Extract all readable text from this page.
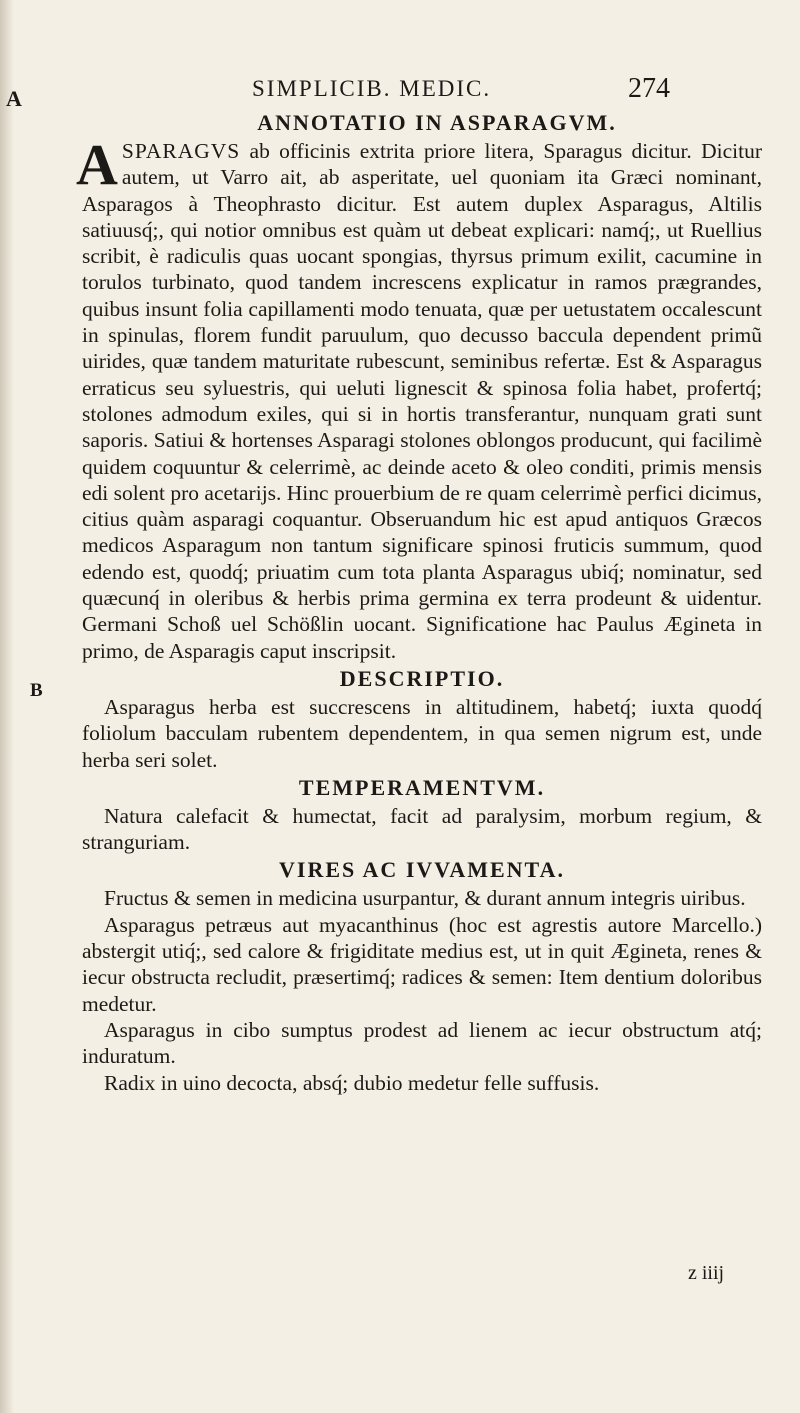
A
B
SIMPLICIB. MEDIC.	274

ANNOTATIO IN ASPARAGVM.

A SPARAGVS ab officinis extrita priore litera, Sparagus dicitur. Dicitur autem, ut Varro ait, ab asperitate, uel quoniam ita Græci nominant, Asparagos à Theophrasto dicitur. Est autem duplex Asparagus, Altilis satiuusq́;, qui notior omnibus est quàm ut debeat explicari: namq́;, ut Ruellius scribit, è radiculis quas uocant spongias, thyrsus primum exilit, cacumine in torulos turbinato, quod tandem increscens explicatur in ramos prægrandes, quibus insunt folia capillamenti modo tenuata, quæ per uetustatem occalescunt in spinulas, florem fundit paruulum, quo decusso baccula dependent primũ uirides, quæ tandem maturitate rubescunt, seminibus refertæ. Est & Asparagus erraticus seu syluestris, qui ueluti lignescit & spinosa folia habet, profertq́; stolones admodum exiles, qui si in hortis transferantur, nunquam grati sunt saporis. Satiui & hortenses Asparagi stolones oblongos producunt, qui facilimè quidem coquuntur & celerrimè, ac deinde aceto & oleo conditi, primis mensis edi solent pro acetarijs. Hinc prouerbium de re quam celerrimè perfici dicimus, citius quàm asparagi coquantur. Obseruandum hic est apud antiquos Græcos medicos Asparagum non tantum significare spinosi fruticis summum, quod edendo est, quodq́; priuatim cum tota planta Asparagus ubiq́; nominatur, sed quæcunq́ in oleribus & herbis prima germina ex terra prodeunt & uidentur. Germani Schoß uel Schößlin uocant. Significatione hac Paulus Ægineta in primo, de Asparagis caput inscripsit.

DESCRIPTIO.

Asparagus herba est succrescens in altitudinem, habetq́; iuxta quodq́ foliolum bacculam rubentem dependentem, in qua semen nigrum est, unde herba seri solet.

TEMPERAMENTVM.

Natura calefacit & humectat, facit ad paralysim, morbum regium, & stranguriam.

VIRES AC IVVAMENTA.

Fructus & semen in medicina usurpantur, & durant annum integris uiribus.

Asparagus petræus aut myacanthinus (hoc est agrestis autore Marcello.) abstergit utiq́;, sed calore & frigiditate medius est, ut in quit Ægineta, renes & iecur obstructa recludit, præsertimq́; radices & semen: Item dentium doloribus medetur.

Asparagus in cibo sumptus prodest ad lienem ac iecur obstructum atq́; induratum.

Radix in uino decocta, absq́; dubio medetur felle suffusis.

z iiij
